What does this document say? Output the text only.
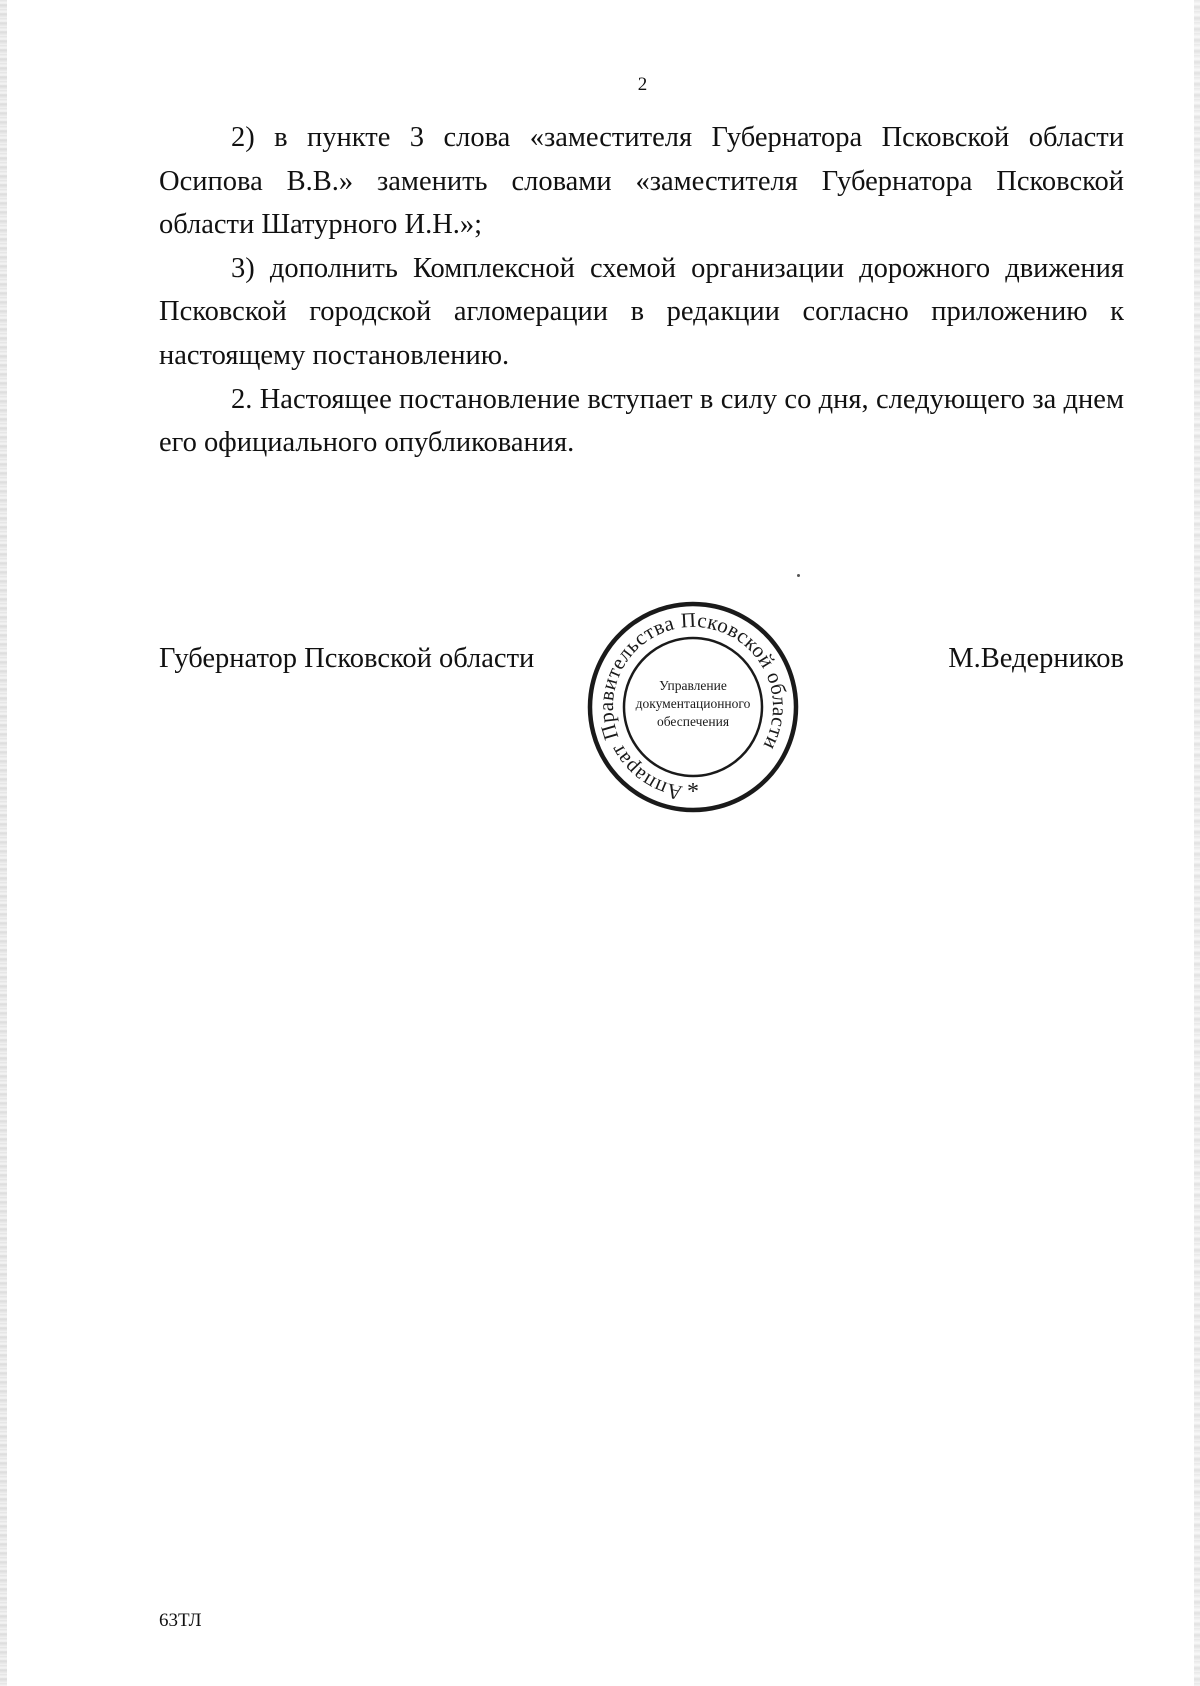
2

2) в пункте 3 слова «заместителя Губернатора Псковской области Осипова В.В.» заменить словами «заместителя Губернатора Псковской области Шатурного И.Н.»;

3) дополнить Комплексной схемой организации дорожного движения Псковской городской агломерации в редакции согласно приложению к настоящему постановлению.

2. Настоящее постановление вступает в силу со дня, следующего за днем его официального опубликования.

Губернатор Псковской области	М.Ведерников
Аппарат Правительства Псковской области
*
Управление
документационного
обеспечения
63ТЛ
